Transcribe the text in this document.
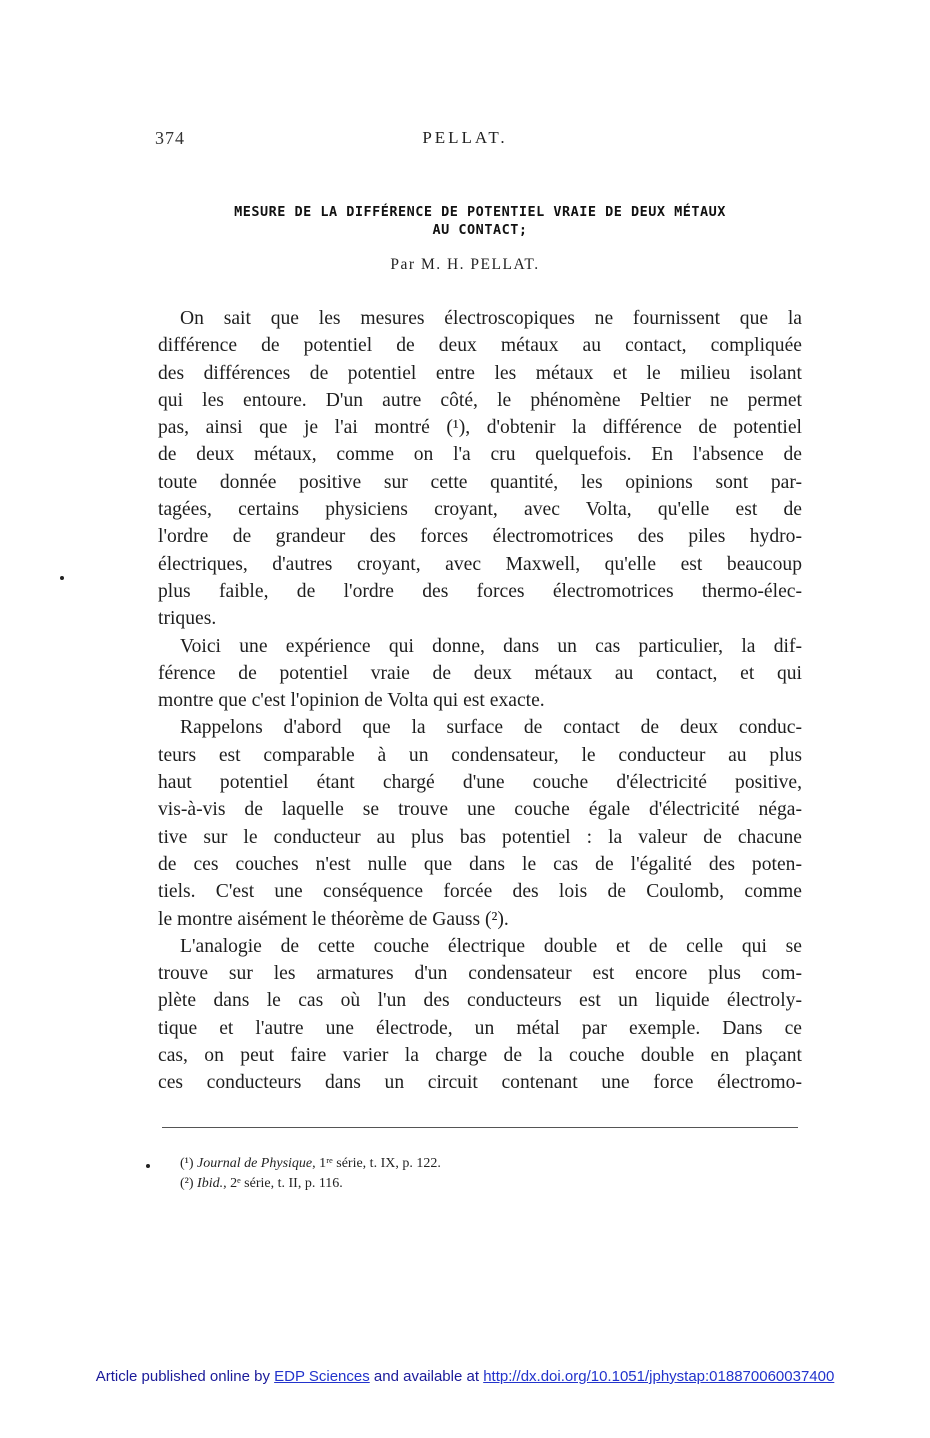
374	PELLAT.
MESURE DE LA DIFFÉRENCE DE POTENTIEL VRAIE DE DEUX MÉTAUX
AU CONTACT;
Par M. H. PELLAT.
On sait que les mesures électroscopiques ne fournissent que la
différence de potentiel de deux métaux au contact, compliquée
des différences de potentiel entre les métaux et le milieu isolant
qui les entoure. D'un autre côté, le phénomène Peltier ne permet
pas, ainsi que je l'ai montré (¹), d'obtenir la différence de potentiel
de deux métaux, comme on l'a cru quelquefois. En l'absence de
toute donnée positive sur cette quantité, les opinions sont par-
tagées, certains physiciens croyant, avec Volta, qu'elle est de
l'ordre de grandeur des forces électromotrices des piles hydro-
électriques, d'autres croyant, avec Maxwell, qu'elle est beaucoup
plus faible, de l'ordre des forces électromotrices thermo-élec-
triques.
Voici une expérience qui donne, dans un cas particulier, la dif-
férence de potentiel vraie de deux métaux au contact, et qui
montre que c'est l'opinion de Volta qui est exacte.
Rappelons d'abord que la surface de contact de deux conduc-
teurs est comparable à un condensateur, le conducteur au plus
haut potentiel étant chargé d'une couche d'électricité positive,
vis-à-vis de laquelle se trouve une couche égale d'électricité néga-
tive sur le conducteur au plus bas potentiel : la valeur de chacune
de ces couches n'est nulle que dans le cas de l'égalité des poten-
tiels. C'est une conséquence forcée des lois de Coulomb, comme
le montre aisément le théorème de Gauss (²).
L'analogie de cette couche électrique double et de celle qui se
trouve sur les armatures d'un condensateur est encore plus com-
plète dans le cas où l'un des conducteurs est un liquide électroly-
tique et l'autre une électrode, un métal par exemple. Dans ce
cas, on peut faire varier la charge de la couche double en plaçant
ces conducteurs dans un circuit contenant une force électromo-
(¹) Journal de Physique, 1ʳᵉ série, t. IX, p. 122.
(²) Ibid., 2ᵉ série, t. II, p. 116.
Article published online by EDP Sciences and available at http://dx.doi.org/10.1051/jphystap:018870060037400
